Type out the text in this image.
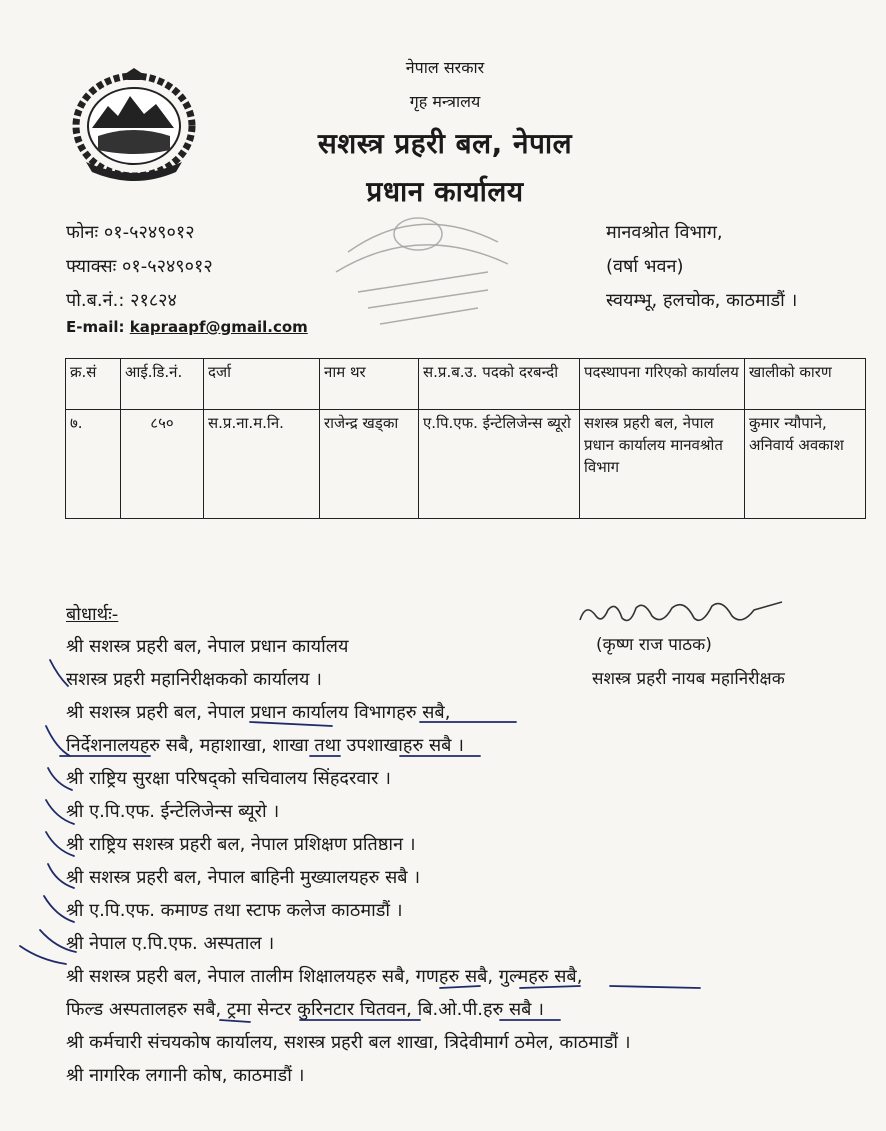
नेपाल सरकार
गृह मन्त्रालय
सशस्त्र प्रहरी बल, नेपाल
प्रधान कार्यालय
फोनः ०१-५२४९०१२
फ्याक्सः ०१-५२४९०१२
पो.ब.नं.: २१८२४
E-mail: kapraapf@gmail.com
मानवश्रोत विभाग,
(वर्षा भवन)
स्वयम्भू, हलचोक, काठमाडौं ।
क्र.सं	आई.डि.नं.	दर्जा	नाम थर	स.प्र.ब.उ. पदको दरबन्दी	पदस्थापना गरिएको कार्यालय	खालीको कारण
७.	८५०	स.प्र.ना.म.नि.	राजेन्द्र खड्का	ए.पि.एफ. ईन्टेलिजेन्स ब्यूरो	सशस्त्र प्रहरी बल, नेपाल प्रधान कार्यालय मानवश्रोत विभाग	कुमार न्यौपाने, अनिवार्य अवकाश
बोधार्थः-
श्री सशस्त्र प्रहरी बल, नेपाल प्रधान कार्यालय
सशस्त्र प्रहरी महानिरीक्षकको कार्यालय ।
श्री सशस्त्र प्रहरी बल, नेपाल प्रधान कार्यालय विभागहरु सबै,
निर्देशनालयहरु सबै, महाशाखा, शाखा तथा उपशाखाहरु सबै ।
श्री राष्ट्रिय सुरक्षा परिषद्को सचिवालय सिंहदरवार ।
श्री ए.पि.एफ. ईन्टेलिजेन्स ब्यूरो ।
श्री राष्ट्रिय सशस्त्र प्रहरी बल, नेपाल प्रशिक्षण प्रतिष्ठान ।
श्री सशस्त्र प्रहरी बल, नेपाल बाहिनी मुख्यालयहरु सबै ।
श्री ए.पि.एफ. कमाण्ड तथा स्टाफ कलेज काठमाडौं ।
श्री नेपाल ए.पि.एफ. अस्पताल ।
श्री सशस्त्र प्रहरी बल, नेपाल तालीम शिक्षालयहरु सबै, गणहरु सबै, गुल्महरु सबै,
फिल्ड अस्पतालहरु सबै, ट्रमा सेन्टर कुरिनटार चितवन, बि.ओ.पी.हरु सबै ।
श्री कर्मचारी संचयकोष कार्यालय, सशस्त्र प्रहरी बल शाखा, त्रिदेवीमार्ग ठमेल, काठमाडौं ।
श्री नागरिक लगानी कोष, काठमाडौं ।
(कृष्ण राज पाठक)
सशस्त्र प्रहरी नायब महानिरीक्षक
